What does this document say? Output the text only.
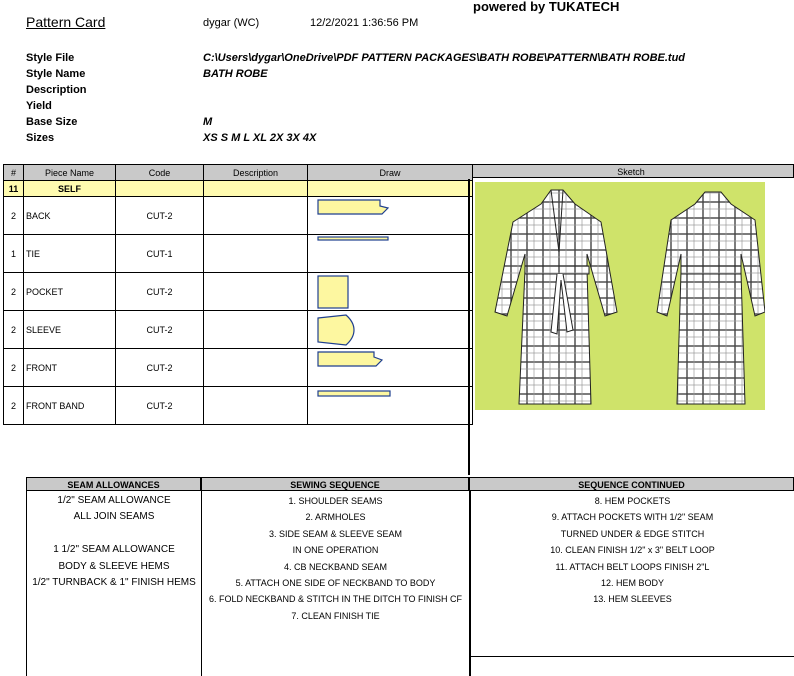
Pattern Card	dygar (WC)	12/2/2021 1:36:56 PM
powered by TUKATECH
Style File	C:\Users\dygar\OneDrive\PDF PATTERN PACKAGES\BATH ROBE\PATTERN\BATH ROBE.tud
Style Name	BATH ROBE
Description
Yield
Base Size	M
Sizes	XS S M L XL 2X 3X 4X
Sketch
#	Piece Name	Code	Description	Draw
11	SELF			
2	BACK	CUT-2		

1	TIE	CUT-1		

2	POCKET	CUT-2		

2	SLEEVE	CUT-2		

2	FRONT	CUT-2		

2	FRONT BAND	CUT-2		
SEAM ALLOWANCES	SEWING SEQUENCE	SEQUENCE CONTINUED
1/2" SEAM ALLOWANCE
ALL JOIN SEAMS

1 1/2" SEAM ALLOWANCE
BODY & SLEEVE HEMS
1/2" TURNBACK & 1" FINISH HEMS
1. SHOULDER SEAMS
2. ARMHOLES
3. SIDE SEAM & SLEEVE SEAM
IN ONE OPERATION
4. CB NECKBAND SEAM
5. ATTACH ONE SIDE OF NECKBAND TO BODY
6. FOLD NECKBAND & STITCH IN THE DITCH TO FINISH CF
7. CLEAN FINISH TIE
8. HEM POCKETS
9. ATTACH POCKETS WITH 1/2" SEAM
TURNED UNDER & EDGE STITCH
10. CLEAN FINISH 1/2" x 3" BELT LOOP
11. ATTACH BELT LOOPS FINISH 2"L
12. HEM BODY
13. HEM SLEEVES
